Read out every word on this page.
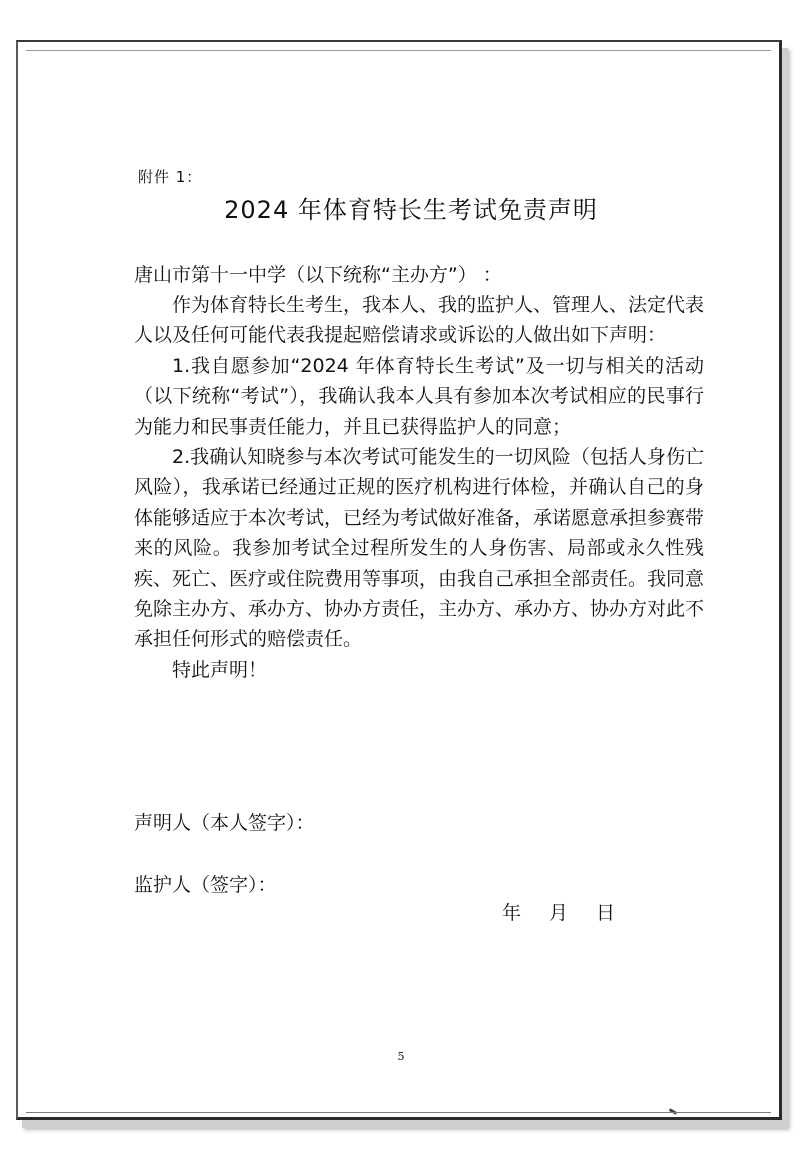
附件 1：
2024 年体育特长生考试免责声明
唐山市第十一中学（以下统称“主办方”） ：

作为体育特长生考生，我本人、我的监护人、管理人、法定代表人以及任何可能代表我提起赔偿请求或诉讼的人做出如下声明：

1.我自愿参加“2024 年体育特长生考试”及一切与相关的活动（以下统称“考试”），我确认我本人具有参加本次考试相应的民事行为能力和民事责任能力，并且已获得监护人的同意；

2.我确认知晓参与本次考试可能发生的一切风险（包括人身伤亡风险），我承诺已经通过正规的医疗机构进行体检，并确认自己的身体能够适应于本次考试，已经为考试做好准备，承诺愿意承担参赛带来的风险。我参加考试全过程所发生的人身伤害、局部或永久性残疾、死亡、医疗或住院费用等事项，由我自己承担全部责任。我同意免除主办方、承办方、协办方责任，主办方、承办方、协办方对此不承担任何形式的赔偿责任。

特此声明！

声明人（本人签字）：
监护人（签字）：
年 月 日
5
